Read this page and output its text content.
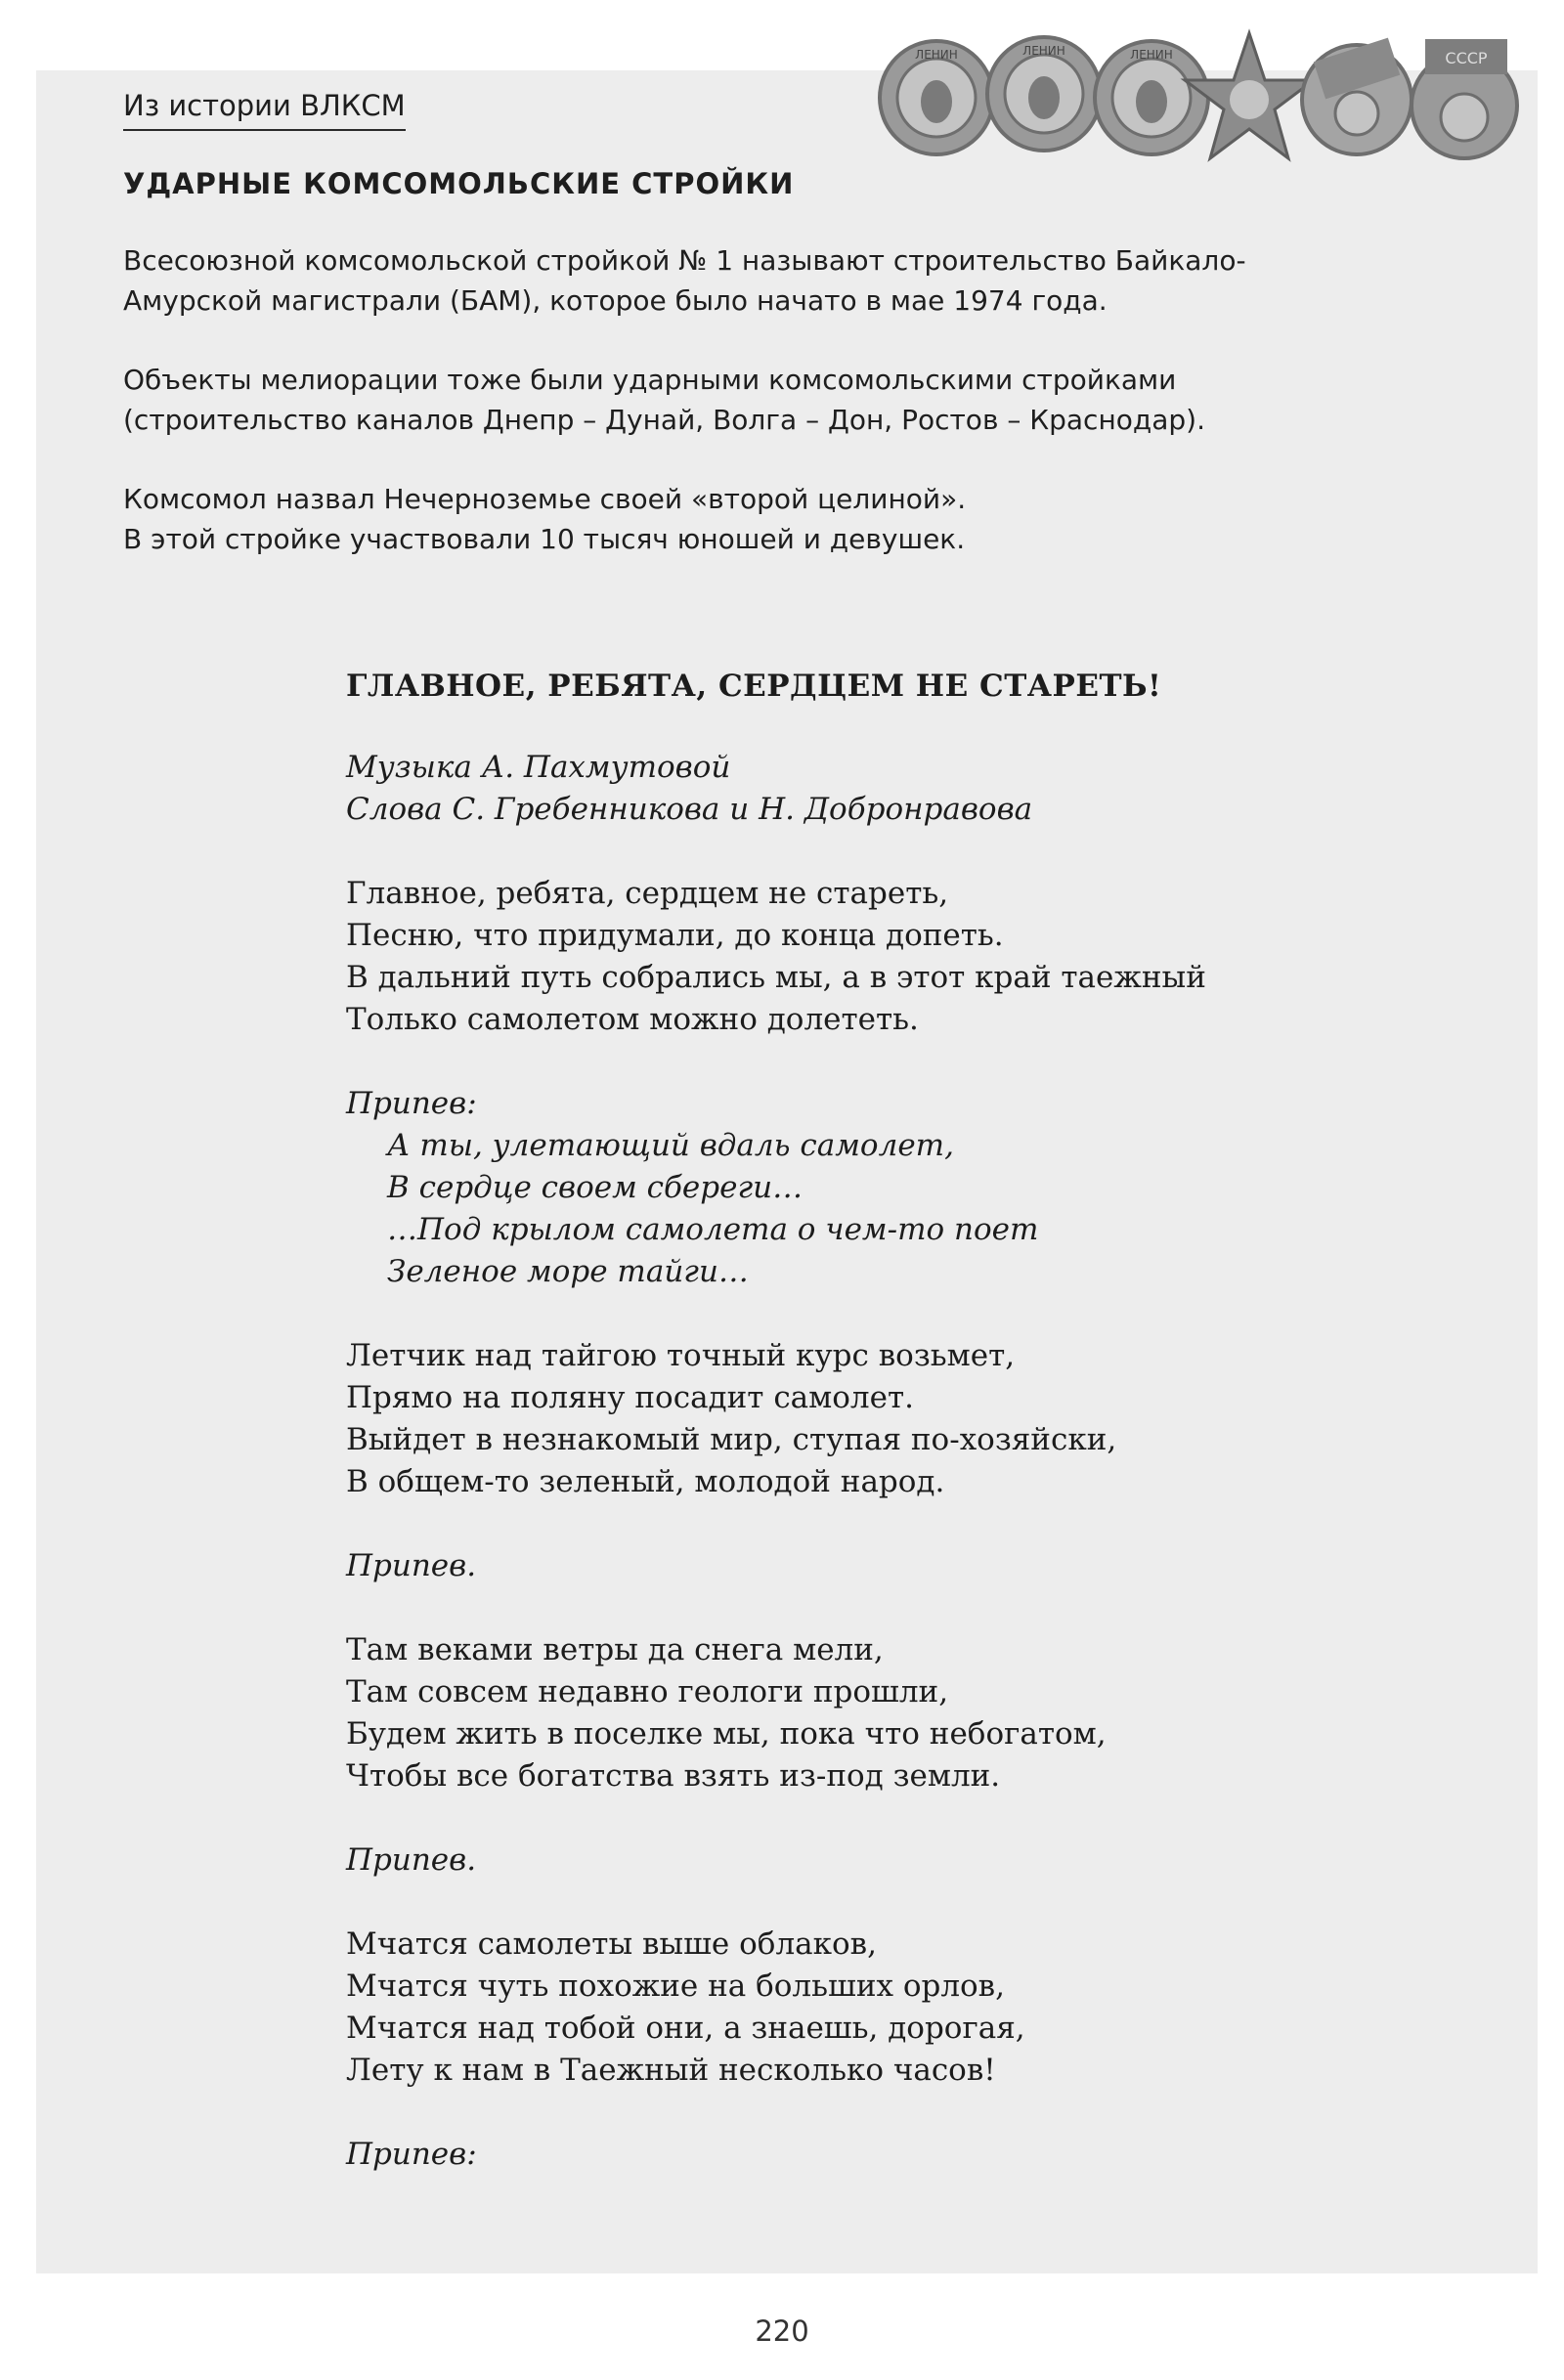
Из истории ВЛКСМ
УДАРНЫЕ КОМСОМОЛЬСКИЕ СТРОЙКИ
ЛЕНИН	ЛЕНИН	ЛЕНИН	СССР
Всесоюзной комсомольской стройкой № 1 называют строительство Байкало-
Амурской магистрали (БАМ), которое было начато в мае 1974 года.
Объекты мелиорации тоже были ударными комсомольскими стройками
(строительство каналов Днепр – Дунай, Волга – Дон, Ростов – Краснодар).
Комсомол назвал Нечерноземье своей «второй целиной».
В этой стройке участвовали 10 тысяч юношей и девушек.
ГЛАВНОЕ, РЕБЯТА, СЕРДЦЕМ НЕ СТАРЕТЬ!
Музыка А. Пахмутовой
Слова С. Гребенникова и Н. Добронравова
Главное, ребята, сердцем не стареть,
Песню, что придумали, до конца допеть.
В дальний путь собрались мы, а в этот край таежный
Только самолетом можно долететь.
Припев:
А ты, улетающий вдаль самолет,
В сердце своем сбереги…
…Под крылом самолета о чем-то поет
Зеленое море тайги…
Летчик над тайгою точный курс возьмет,
Прямо на поляну посадит самолет.
Выйдет в незнакомый мир, ступая по-хозяйски,
В общем-то зеленый, молодой народ.
Припев.
Там веками ветры да снега мели,
Там совсем недавно геологи прошли,
Будем жить в поселке мы, пока что небогатом,
Чтобы все богатства взять из-под земли.
Припев.
Мчатся самолеты выше облаков,
Мчатся чуть похожие на больших орлов,
Мчатся над тобой они, а знаешь, дорогая,
Лету к нам в Таежный несколько часов!
Припев:
220
